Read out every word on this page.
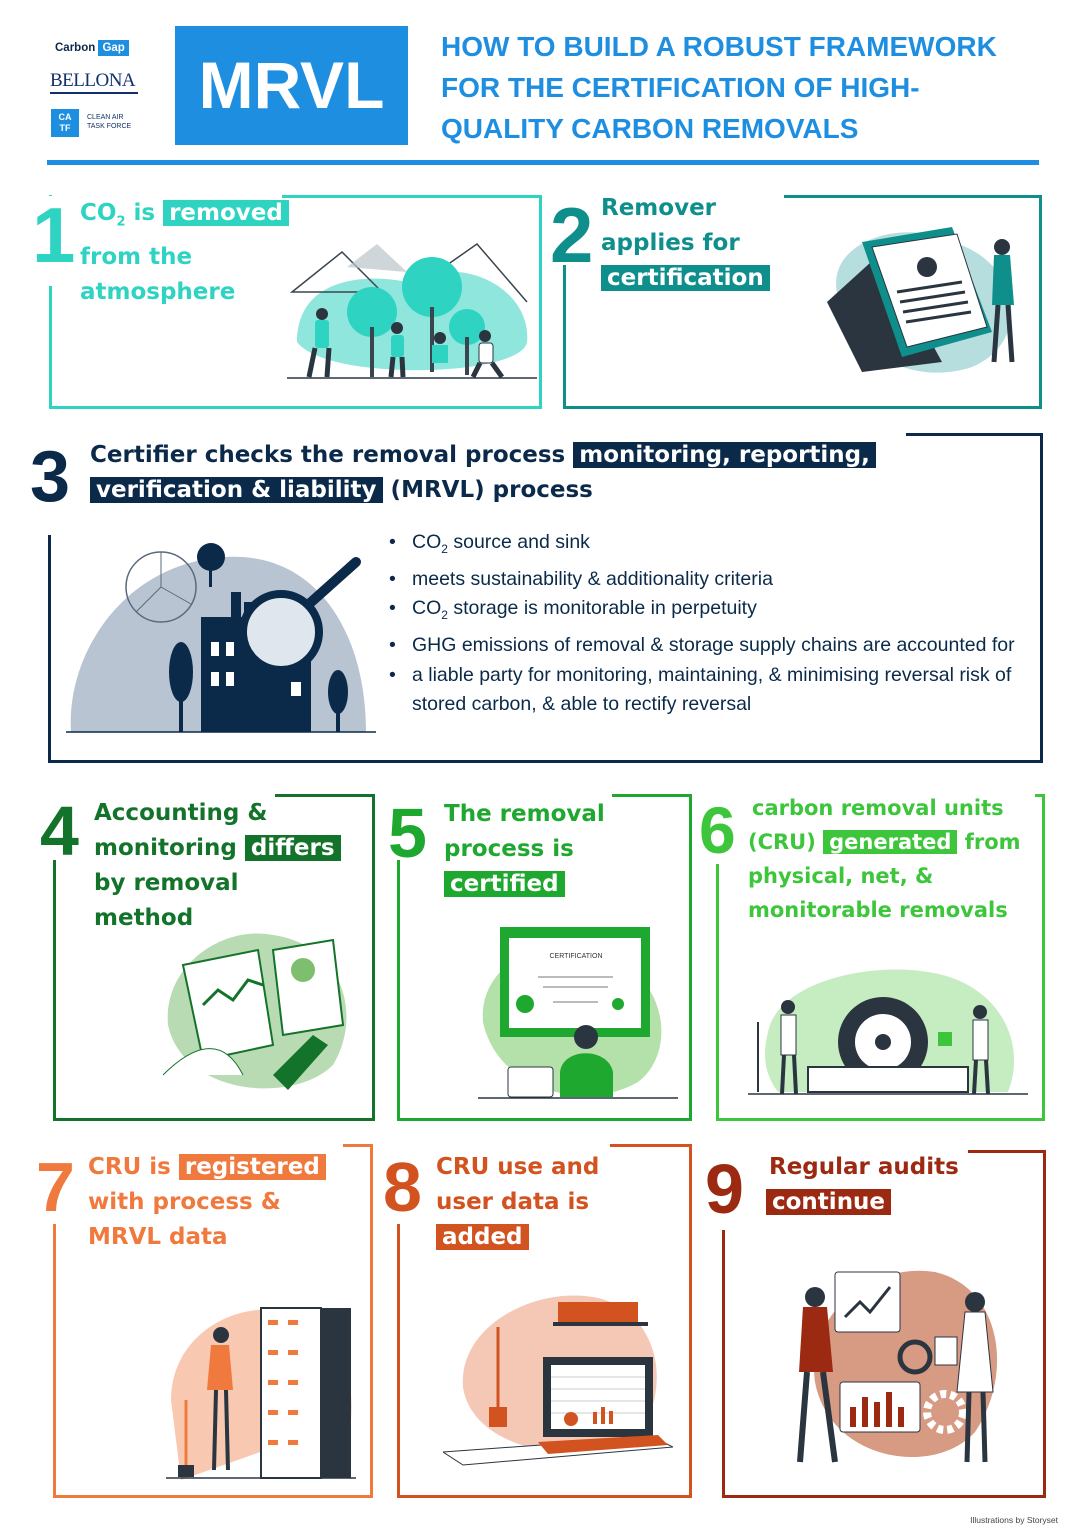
Carbon Gap
BELLONA
CA
TF
CLEAN AIR
TASK FORCE
MRVL
HOW TO BUILD A ROBUST FRAMEWORK
FOR THE CERTIFICATION OF HIGH-
QUALITY CARBON REMOVALS
1 $CO_2$ is removed
from the
atmosphere
2 Remover
applies for
certification
3 Certifier checks the removal process monitoring, reporting,
verification & liability (MRVL) process
• $CO_2$ source and sink
• meets sustainability & additionality criteria
• $CO_2$ storage is monitorable in perpetuity
• GHG emissions of removal & storage supply chains are accounted for
• a liable party for monitoring, maintaining, & minimising reversal risk of stored carbon, & able to rectify reversal
4 Accounting &
monitoring differs
by removal
method
5 The removal
process is
certified
CERTIFICATION
6 carbon removal units
(CRU) generated from
physical, net, &
monitorable removals
7 CRU is registered
with process &
MRVL data
8 CRU use and
user data is
added
9 Regular audits
continue
Illustrations by Storyset
